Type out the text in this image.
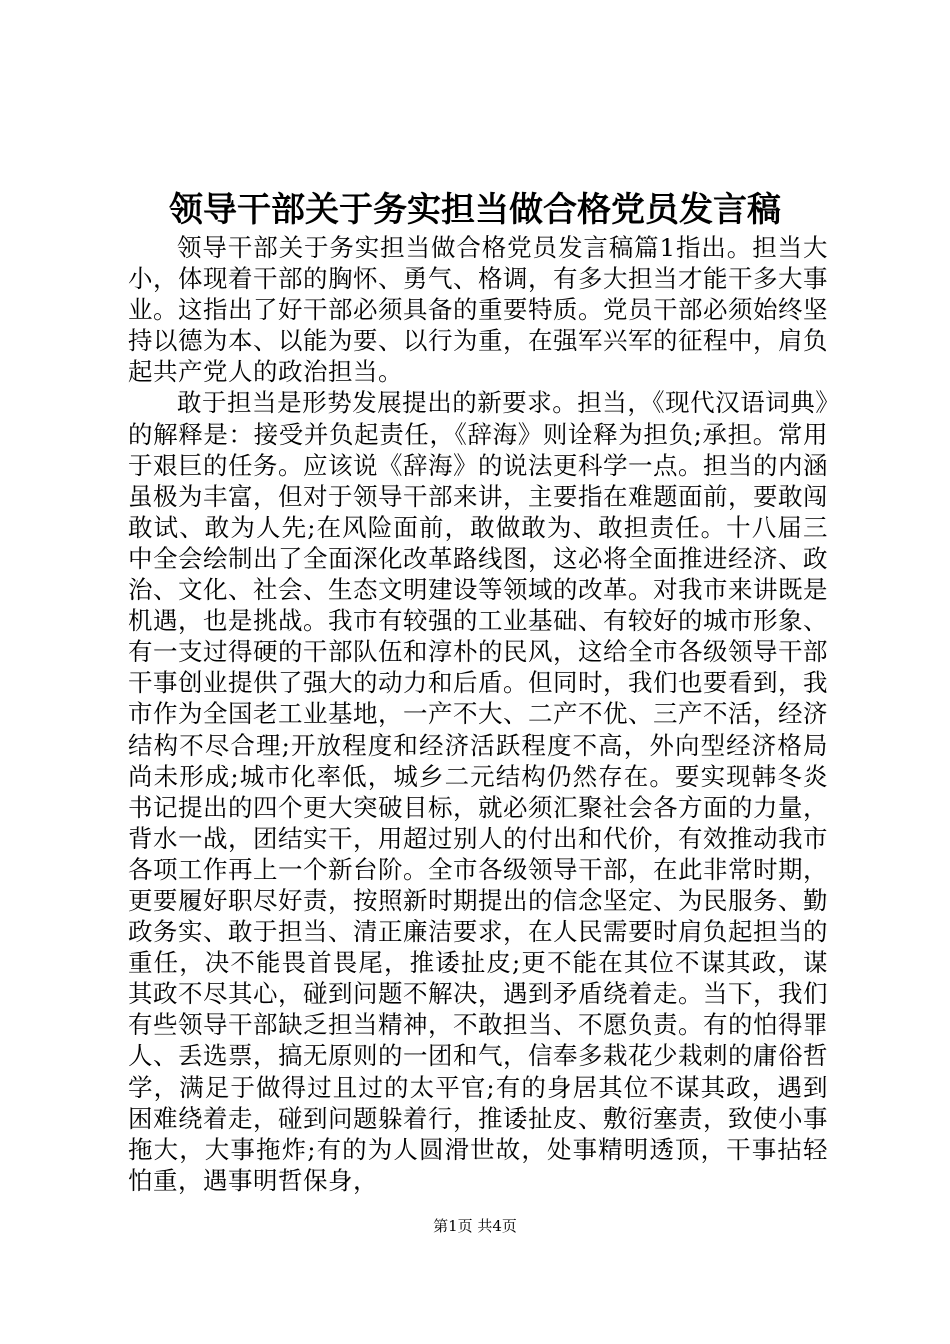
领导干部关于务实担当做合格党员发言稿

领导干部关于务实担当做合格党员发言稿篇1指出。担当大小，体现着干部的胸怀、勇气、格调，有多大担当才能干多大事业。这指出了好干部必须具备的重要特质。党员干部必须始终坚持以德为本、以能为要、以行为重，在强军兴军的征程中，肩负起共产党人的政治担当。

敢于担当是形势发展提出的新要求。担当，《现代汉语词典》的解释是：接受并负起责任，《辞海》则诠释为担负;承担。常用于艰巨的任务。应该说《辞海》的说法更科学一点。担当的内涵虽极为丰富，但对于领导干部来讲，主要指在难题面前，要敢闯敢试、敢为人先;在风险面前，敢做敢为、敢担责任。十八届三中全会绘制出了全面深化改革路线图，这必将全面推进经济、政治、文化、社会、生态文明建设等领域的改革。对我市来讲既是机遇，也是挑战。我市有较强的工业基础、有较好的城市形象、有一支过得硬的干部队伍和淳朴的民风，这给全市各级领导干部干事创业提供了强大的动力和后盾。但同时，我们也要看到，我市作为全国老工业基地，一产不大、二产不优、三产不活，经济结构不尽合理;开放程度和经济活跃程度不高，外向型经济格局尚未形成;城市化率低，城乡二元结构仍然存在。要实现韩冬炎书记提出的四个更大突破目标，就必须汇聚社会各方面的力量，背水一战，团结实干，用超过别人的付出和代价，有效推动我市各项工作再上一个新台阶。全市各级领导干部，在此非常时期，更要履好职尽好责，按照新时期提出的信念坚定、为民服务、勤政务实、敢于担当、清正廉洁要求，在人民需要时肩负起担当的重任，决不能畏首畏尾，推诿扯皮;更不能在其位不谋其政，谋其政不尽其心，碰到问题不解决，遇到矛盾绕着走。当下，我们有些领导干部缺乏担当精神，不敢担当、不愿负责。有的怕得罪人、丢选票，搞无原则的一团和气，信奉多栽花少栽刺的庸俗哲学，满足于做得过且过的太平官;有的身居其位不谋其政，遇到困难绕着走，碰到问题躲着行，推诿扯皮、敷衍塞责，致使小事拖大，大事拖炸;有的为人圆滑世故，处事精明透顶，干事拈轻怕重，遇事明哲保身，

第1页 共4页
